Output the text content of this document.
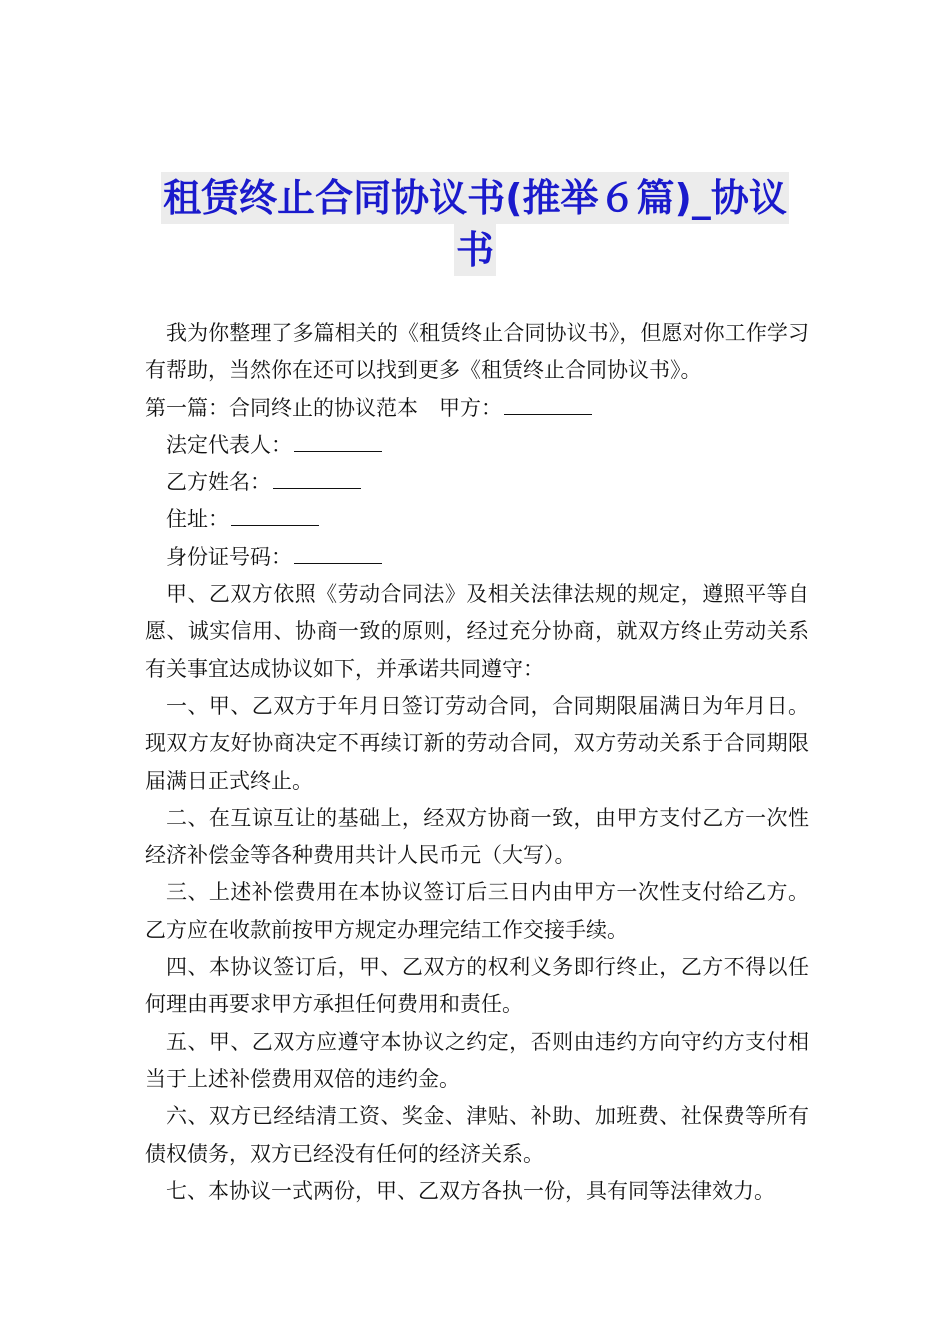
租赁终止合同协议书(推举６篇)_协议
书

我为你整理了多篇相关的《租赁终止合同协议书》，但愿对你工作学习有帮助，当然你在还可以找到更多《租赁终止合同协议书》。

第一篇：合同终止的协议范本　 甲方：

法定代表人：

乙方姓名：

住址：

身份证号码：

甲、乙双方依照《劳动合同法》及相关法律法规的规定，遵照平等自愿、诚实信用、协商一致的原则，经过充分协商，就双方终止劳动关系有关事宜达成协议如下，并承诺共同遵守：

一、甲、乙双方于年月日签订劳动合同，合同期限届满日为年月日。现双方友好协商决定不再续订新的劳动合同，双方劳动关系于合同期限届满日正式终止。

二、在互谅互让的基础上，经双方协商一致，由甲方支付乙方一次性经济补偿金等各种费用共计人民币元（大写）。

三、上述补偿费用在本协议签订后三日内由甲方一次性支付给乙方。乙方应在收款前按甲方规定办理完结工作交接手续。

四、本协议签订后，甲、乙双方的权利义务即行终止，乙方不得以任何理由再要求甲方承担任何费用和责任。

五、甲、乙双方应遵守本协议之约定，否则由违约方向守约方支付相当于上述补偿费用双倍的违约金。

六、双方已经结清工资、奖金、津贴、补助、加班费、社保费等所有债权债务，双方已经没有任何的经济关系。

七、本协议一式两份，甲、乙双方各执一份，具有同等法律效力。
